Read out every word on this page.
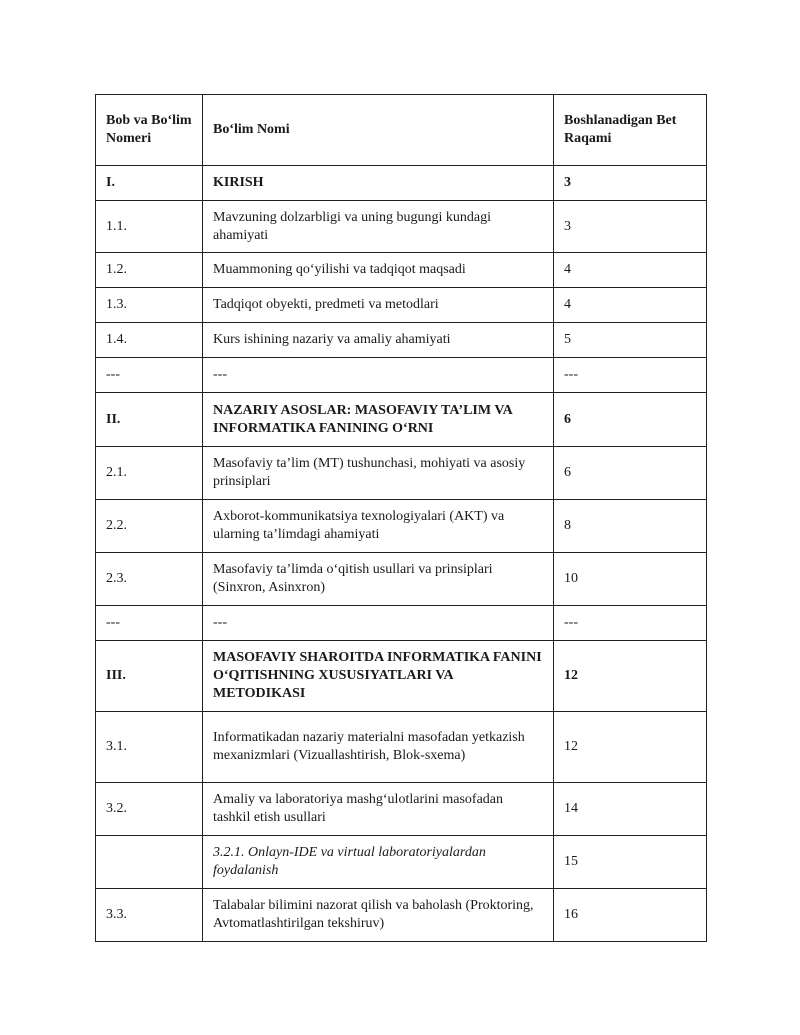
Bob va Bo‘lim Nomeri	Bo‘lim Nomi	Boshlanadigan Bet Raqami
I.	KIRISH	3
1.1.	Mavzuning dolzarbligi va uning bugungi kundagi ahamiyati	3
1.2.	Muammoning qo‘yilishi va tadqiqot maqsadi	4
1.3.	Tadqiqot obyekti, predmeti va metodlari	4
1.4.	Kurs ishining nazariy va amaliy ahamiyati	5
---	---	---
II.	NAZARIY ASOSLAR: MASOFAVIY TA’LIM VA INFORMATIKA FANINING O‘RNI	6
2.1.	Masofaviy ta’lim (MT) tushunchasi, mohiyati va asosiy prinsiplari	6
2.2.	Axborot-kommunikatsiya texnologiyalari (AKT) va ularning ta’limdagi ahamiyati	8
2.3.	Masofaviy ta’limda o‘qitish usullari va prinsiplari (Sinxron, Asinxron)	10
---	---	---
III.	MASOFAVIY SHAROITDA INFORMATIKA FANINI O‘QITISHNING XUSUSIYATLARI VA METODIKASI	12
3.1.	Informatikadan nazariy materialni masofadan yetkazish mexanizmlari (Vizuallashtirish, Blok-sxema)	12
3.2.	Amaliy va laboratoriya mashg‘ulotlarini masofadan tashkil etish usullari	14
	3.2.1. Onlayn-IDE va virtual laboratoriyalardan foydalanish	15
3.3.	Talabalar bilimini nazorat qilish va baholash (Proktoring, Avtomatlashtirilgan tekshiruv)	16
